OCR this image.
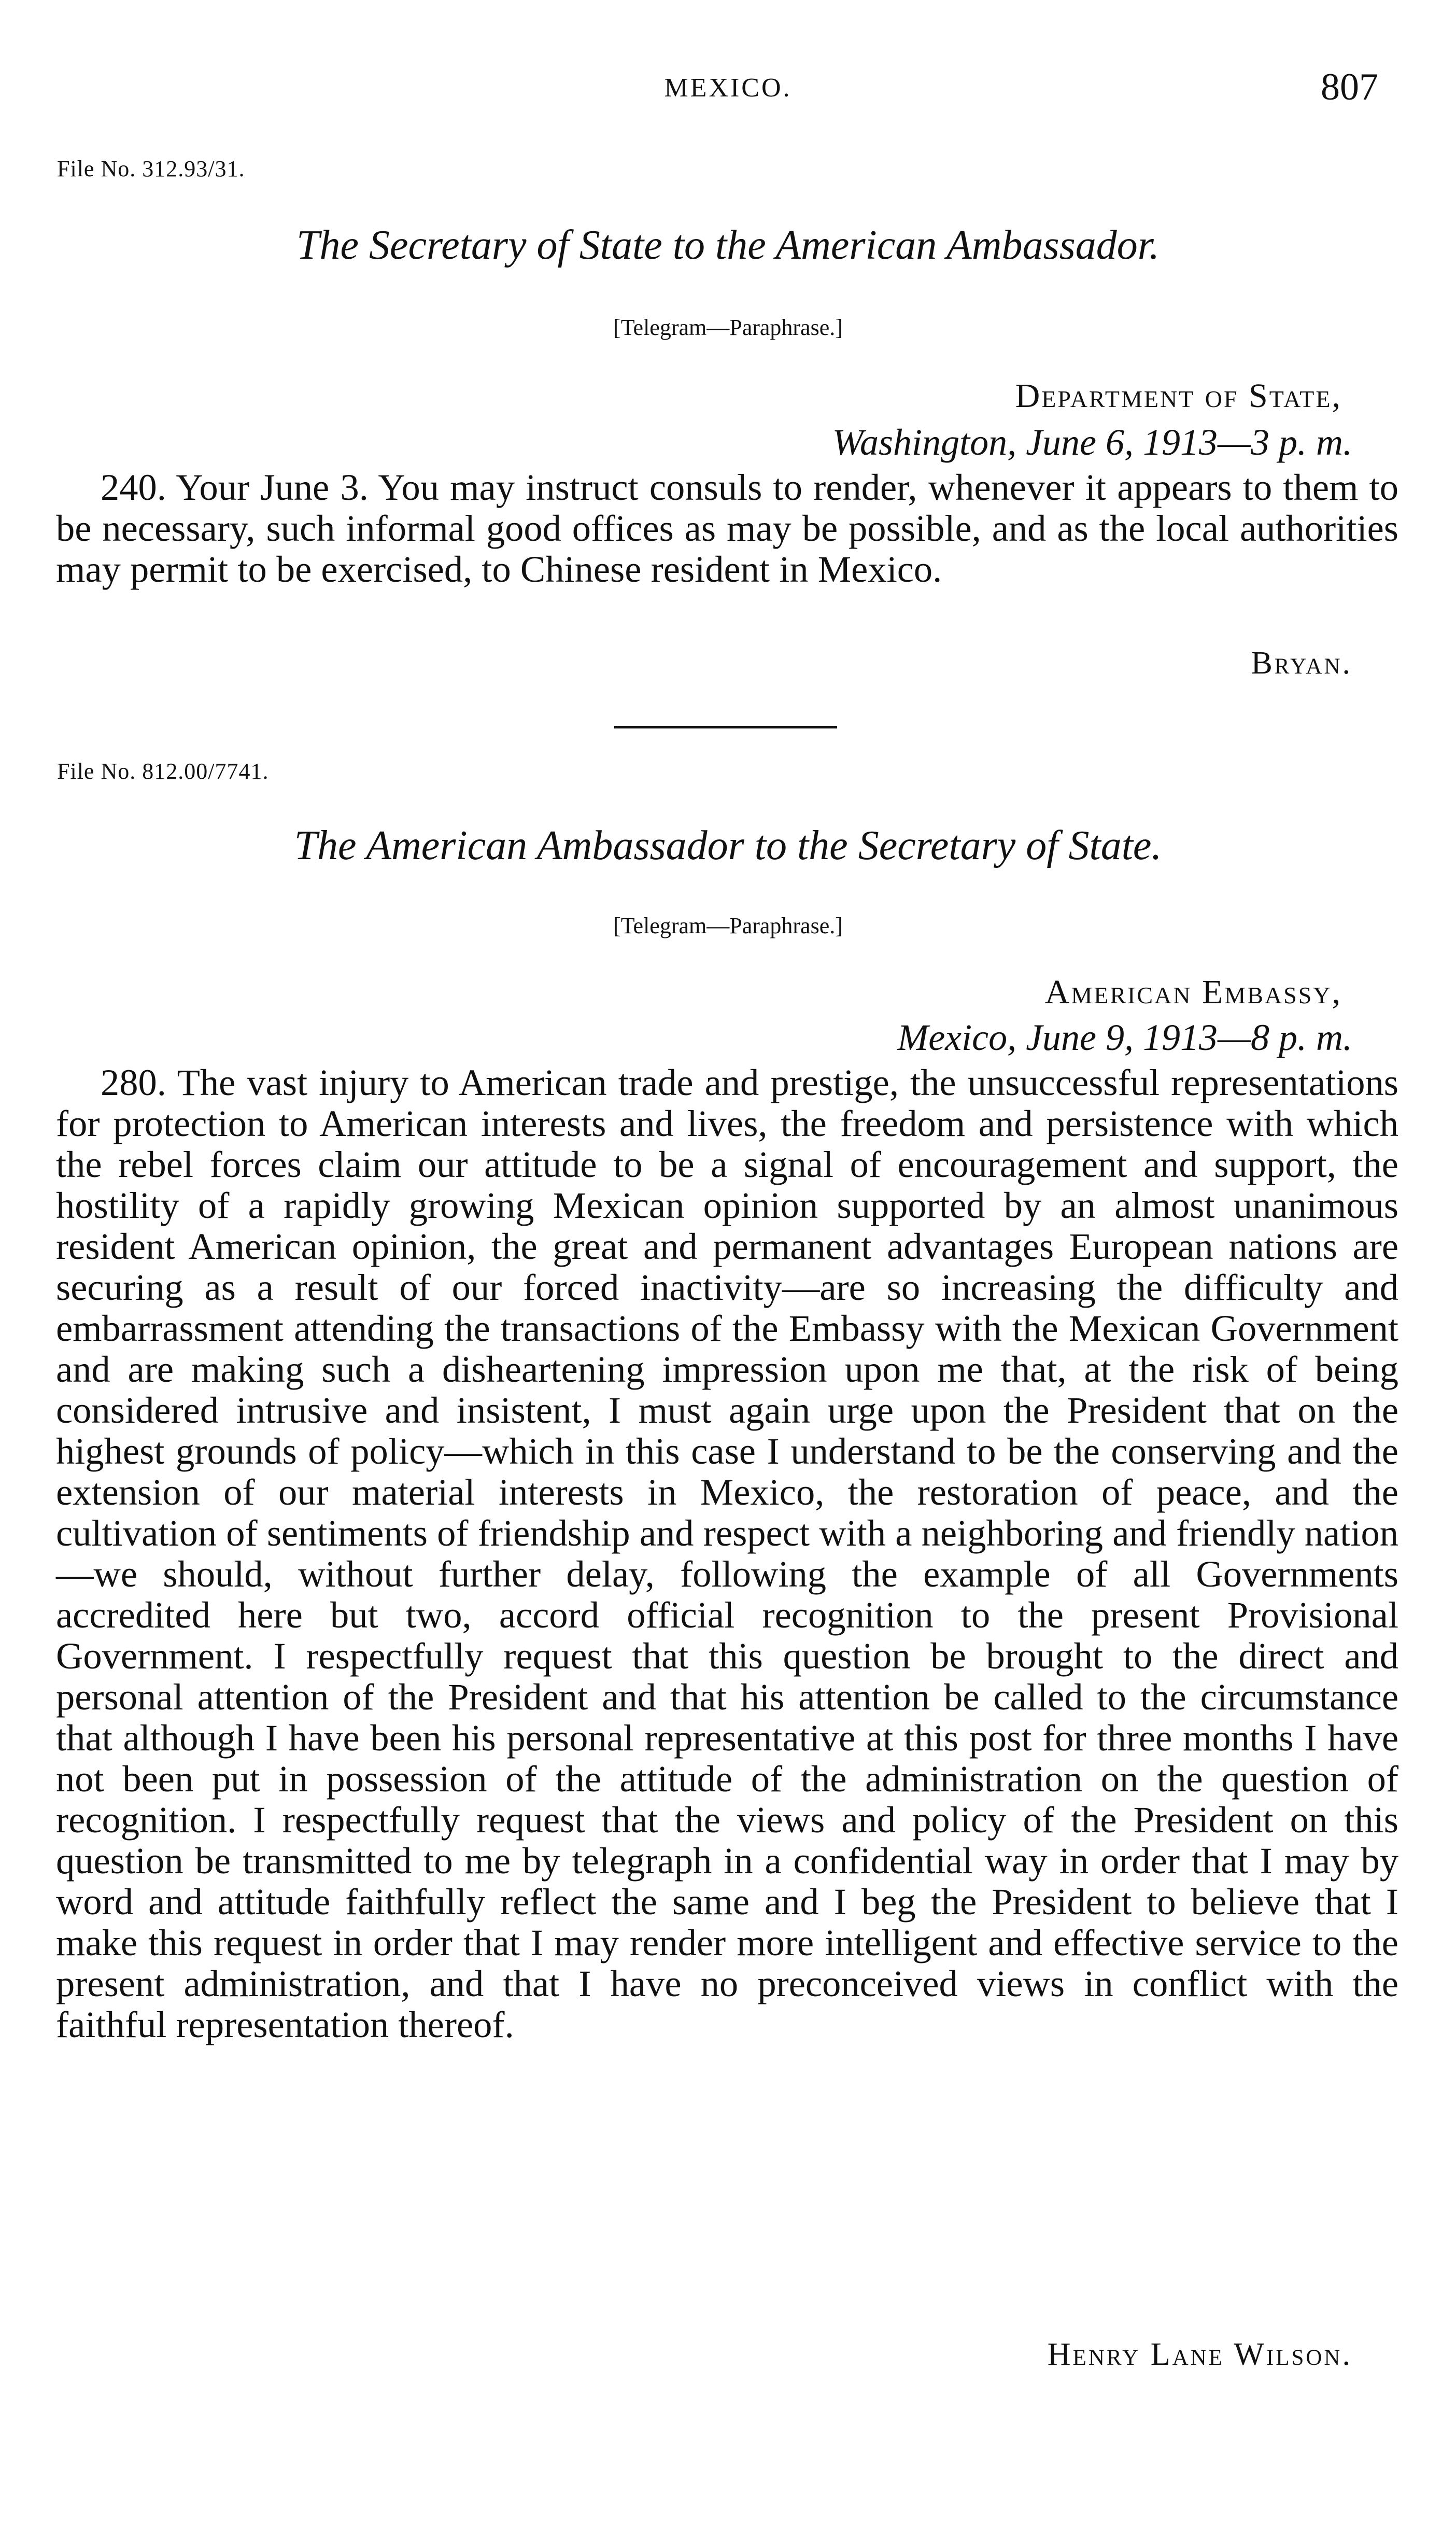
MEXICO.	807
File No. 312.93/31.
The Secretary of State to the American Ambassador.
[Telegram—Paraphrase.]
Department of State,
Washington, June 6, 1913—3 p. m.

240. Your June 3. You may instruct consuls to render, whenever it appears to them to be necessary, such informal good offices as may be possible, and as the local authorities may permit to be exercised, to Chinese resident in Mexico.

Bryan.
File No. 812.00/7741.
The American Ambassador to the Secretary of State.
[Telegram—Paraphrase.]
American Embassy,
Mexico, June 9, 1913—8 p. m.

280. The vast injury to American trade and prestige, the unsuccessful representations for protection to American interests and lives, the freedom and persistence with which the rebel forces claim our attitude to be a signal of encouragement and support, the hostility of a rapidly growing Mexican opinion supported by an almost unanimous resident American opinion, the great and permanent advantages European nations are securing as a result of our forced inactivity—are so increasing the difficulty and embarrassment attending the transactions of the Embassy with the Mexican Government and are making such a disheartening impression upon me that, at the risk of being considered intrusive and insistent, I must again urge upon the President that on the highest grounds of policy—which in this case I understand to be the conserving and the extension of our material interests in Mexico, the restoration of peace, and the cultivation of sentiments of friendship and respect with a neighboring and friendly nation—we should, without further delay, following the example of all Governments accredited here but two, accord official recognition to the present Provisional Government. I respectfully request that this question be brought to the direct and personal attention of the President and that his attention be called to the circumstance that although I have been his personal representative at this post for three months I have not been put in possession of the attitude of the administration on the question of recognition. I respectfully request that the views and policy of the President on this question be transmitted to me by telegraph in a confidential way in order that I may by word and attitude faithfully reflect the same and I beg the President to believe that I make this request in order that I may render more intelligent and effective service to the present administration, and that I have no preconceived views in conflict with the faithful representation thereof.

Henry Lane Wilson.
